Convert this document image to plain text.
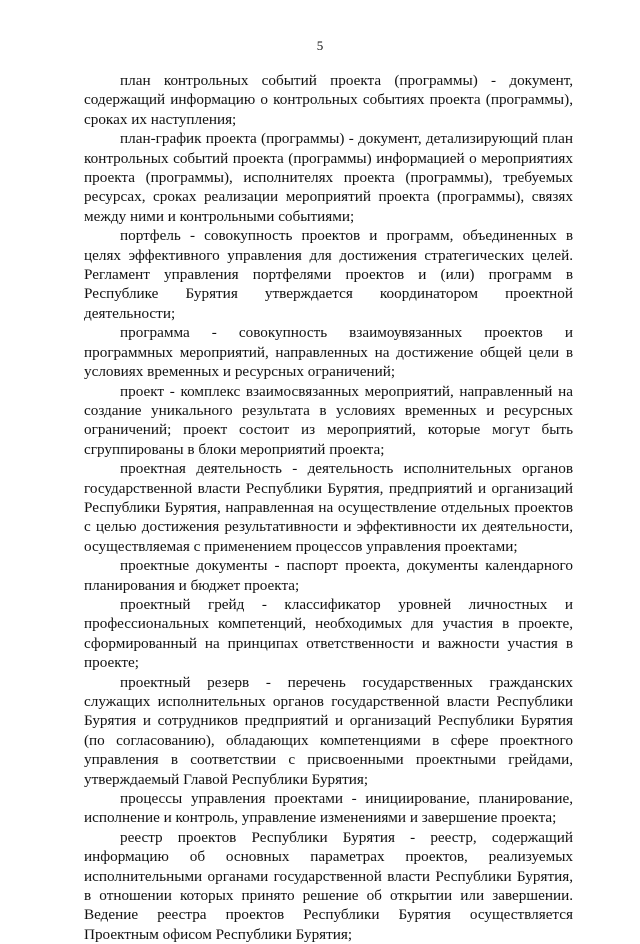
5

план контрольных событий проекта (программы) - документ, содержащий информацию о контрольных событиях проекта (программы), сроках их наступления;

план-график проекта (программы) - документ, детализирующий план контрольных событий проекта (программы) информацией о мероприятиях проекта (программы), исполнителях проекта (программы), требуемых ресурсах, сроках реализации мероприятий проекта (программы), связях между ними и контрольными событиями;

портфель - совокупность проектов и программ, объединенных в целях эффективного управления для достижения стратегических целей. Регламент управления портфелями проектов и (или) программ в Республике Бурятия утверждается координатором проектной деятельности;

программа - совокупность взаимоувязанных проектов и программных мероприятий, направленных на достижение общей цели в условиях временных и ресурсных ограничений;

проект - комплекс взаимосвязанных мероприятий, направленный на создание уникального результата в условиях временных и ресурсных ограничений; проект состоит из мероприятий, которые могут быть сгруппированы в блоки мероприятий проекта;

проектная деятельность - деятельность исполнительных органов государственной власти Республики Бурятия, предприятий и организаций Республики Бурятия, направленная на осуществление отдельных проектов с целью достижения результативности и эффективности их деятельности, осуществляемая с применением процессов управления проектами;

проектные документы - паспорт проекта, документы календарного планирования и бюджет проекта;

проектный грейд - классификатор уровней личностных и профессиональных компетенций, необходимых для участия в проекте, сформированный на принципах ответственности и важности участия в проекте;

проектный резерв - перечень государственных гражданских служащих исполнительных органов государственной власти Республики Бурятия и сотрудников предприятий и организаций Республики Бурятия (по согласованию), обладающих компетенциями в сфере проектного управления в соответствии с присвоенными проектными грейдами, утверждаемый Главой Республики Бурятия;

процессы управления проектами - инициирование, планирование, исполнение и контроль, управление изменениями и завершение проекта;

реестр проектов Республики Бурятия - реестр, содержащий информацию об основных параметрах проектов, реализуемых исполнительными органами государственной власти Республики Бурятия, в отношении которых принято решение об открытии или завершении. Ведение реестра проектов Республики Бурятия осуществляется Проектным офисом Республики Бурятия;
